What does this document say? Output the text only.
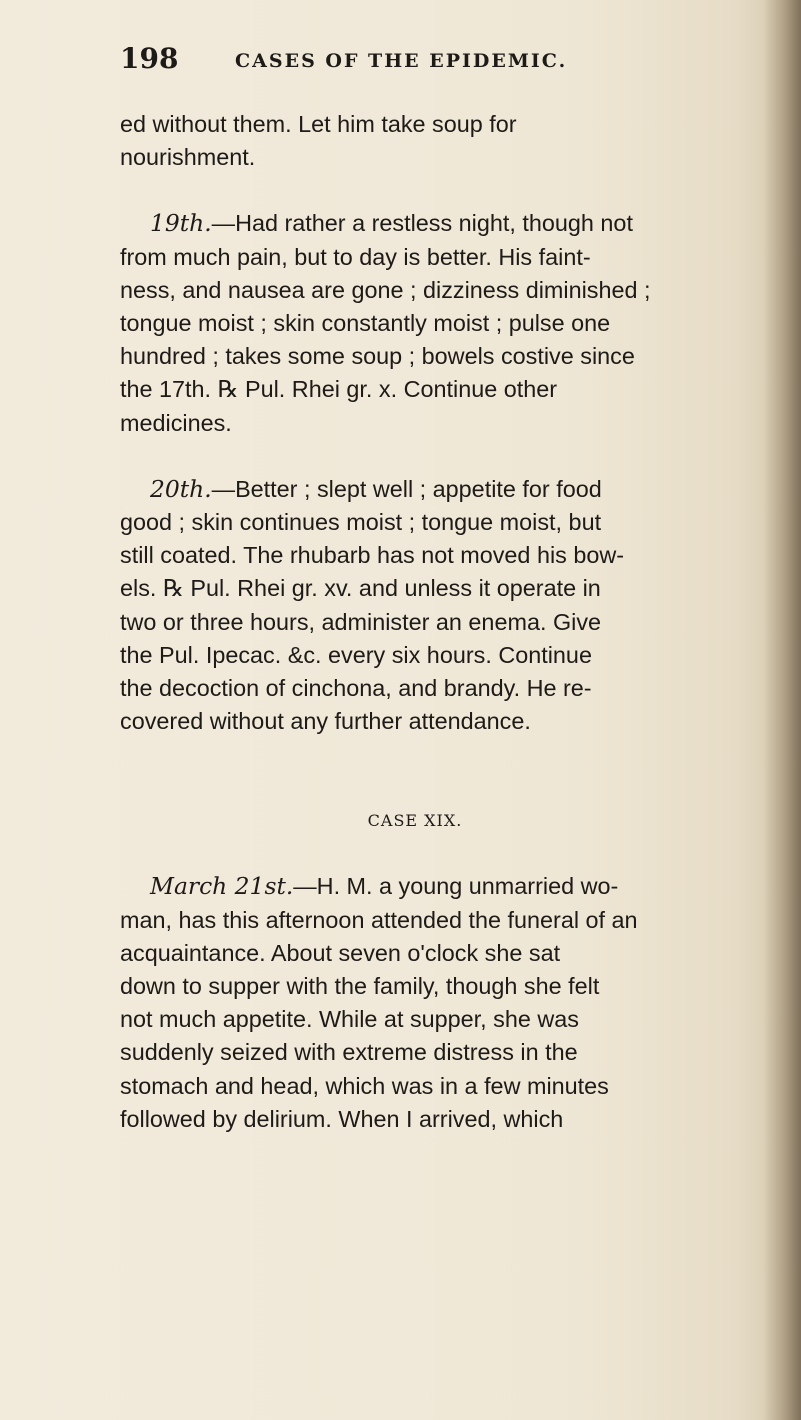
198	CASES OF THE EPIDEMIC.

ed without them. Let him take soup for
nourishment.

19th.—Had rather a restless night, though not
from much pain, but to day is better. His faint-
ness, and nausea are gone ; dizziness diminished ;
tongue moist ; skin constantly moist ; pulse one
hundred ; takes some soup ; bowels costive since
the 17th. ℞ Pul. Rhei gr. x. Continue other
medicines.

20th.—Better ; slept well ; appetite for food
good ; skin continues moist ; tongue moist, but
still coated. The rhubarb has not moved his bow-
els. ℞ Pul. Rhei gr. xv. and unless it operate in
two or three hours, administer an enema. Give
the Pul. Ipecac. &c. every six hours. Continue
the decoction of cinchona, and brandy. He re-
covered without any further attendance.

CASE XIX.

March 21st.—H. M. a young unmarried wo-
man, has this afternoon attended the funeral of an
acquaintance. About seven o'clock she sat
down to supper with the family, though she felt
not much appetite. While at supper, she was
suddenly seized with extreme distress in the
stomach and head, which was in a few minutes
followed by delirium. When I arrived, which
